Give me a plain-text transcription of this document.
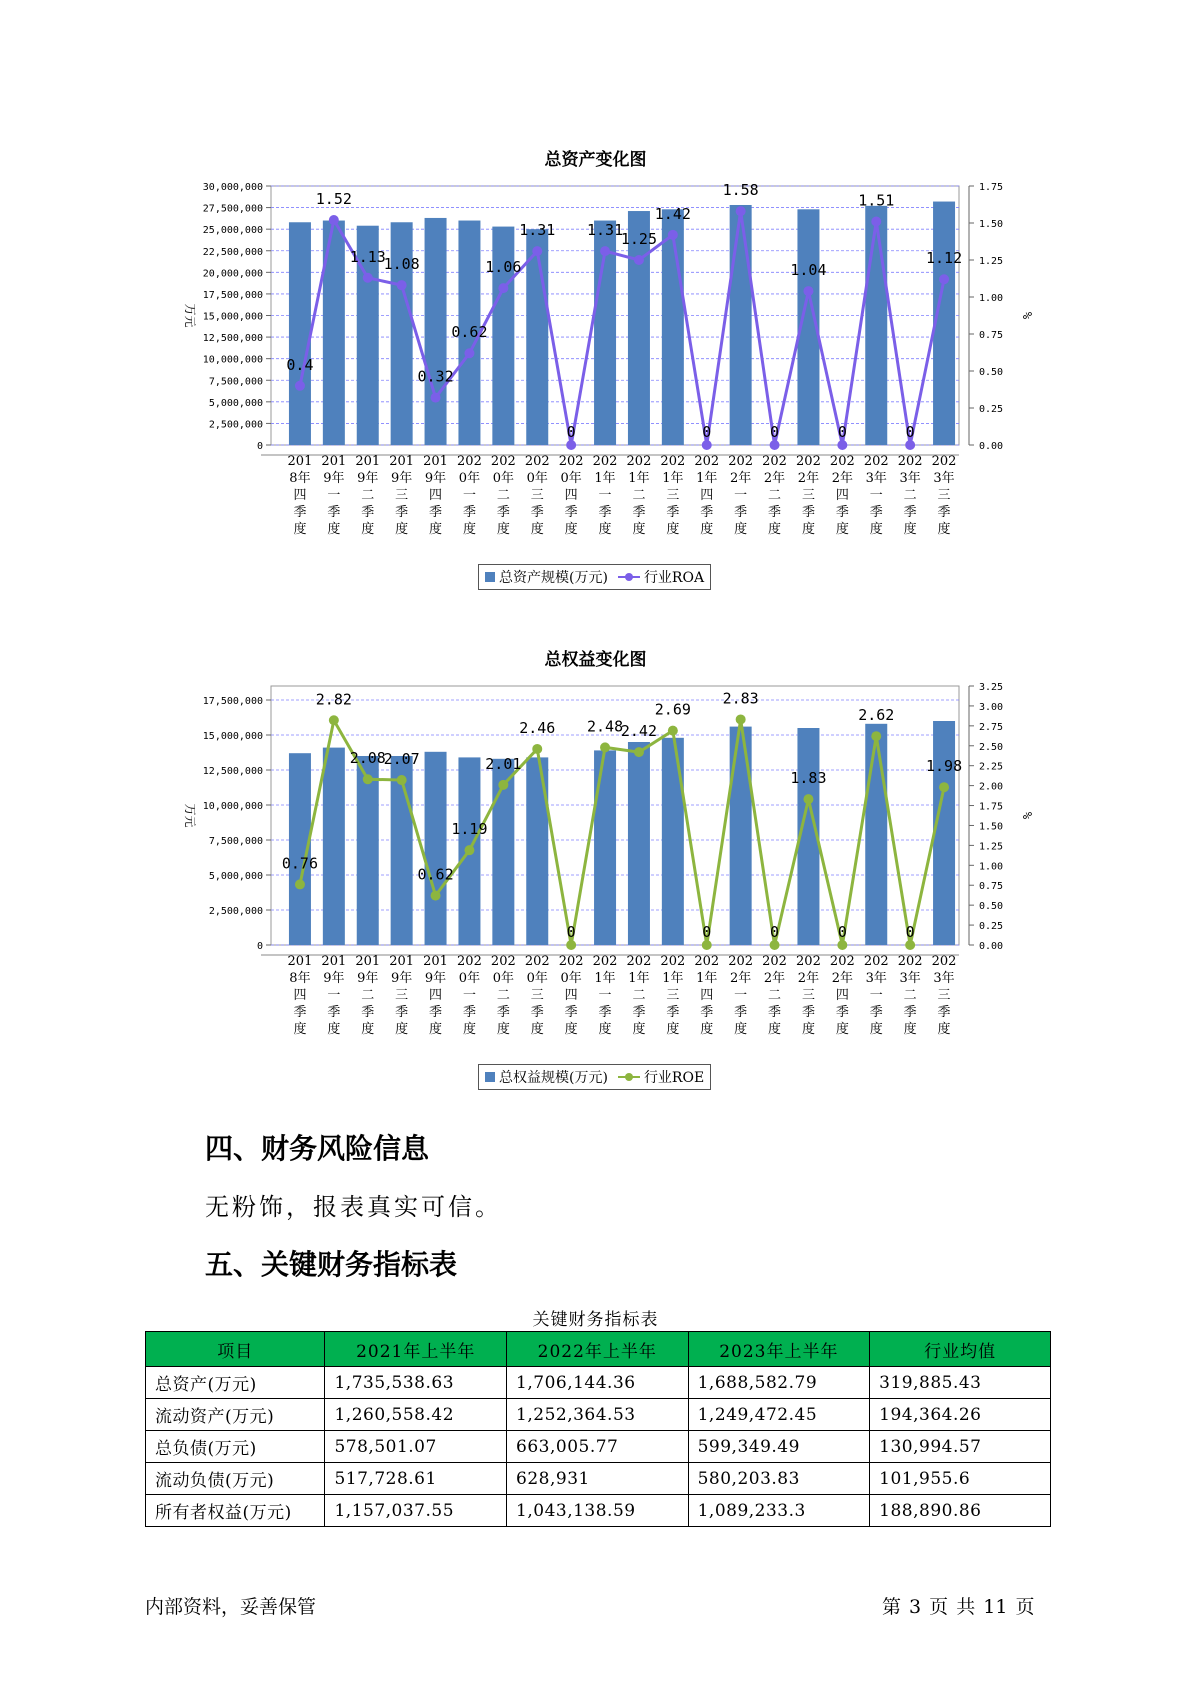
总资产变化图
0
2,500,000
5,000,000
7,500,000
10,000,000
12,500,000
15,000,000
17,500,000
20,000,000
22,500,000
25,000,000
27,500,000
30,000,000
0.00
0.25
0.50
0.75
1.00
1.25
1.50
1.75
万元	%
201
8年
四
季
度
201
9年
一
季
度
201
9年
二
季
度
201
9年
三
季
度
201
9年
四
季
度
202
0年
一
季
度
202
0年
二
季
度
202
0年
三
季
度
202
0年
四
季
度
202
1年
一
季
度
202
1年
二
季
度
202
1年
三
季
度
202
1年
四
季
度
202
2年
一
季
度
202
2年
二
季
度
202
2年
三
季
度
202
2年
四
季
度
202
3年
一
季
度
202
3年
二
季
度
202
3年
三
季
度
0.4
1.52
1.13
1.08
0.32
0.62
1.06
1.31
0
1.31
1.25
1.42
0
1.58
0
1.04
0
1.51
0
1.12
总资产规模(万元)	行业ROA
总权益变化图
0
2,500,000
5,000,000
7,500,000
10,000,000
12,500,000
15,000,000
17,500,000
0.00
0.25
0.50
0.75
1.00
1.25
1.50
1.75
2.00
2.25
2.50
2.75
3.00
3.25
万元	%
201
8年
四
季
度
201
9年
一
季
度
201
9年
二
季
度
201
9年
三
季
度
201
9年
四
季
度
202
0年
一
季
度
202
0年
二
季
度
202
0年
三
季
度
202
0年
四
季
度
202
1年
一
季
度
202
1年
二
季
度
202
1年
三
季
度
202
1年
四
季
度
202
2年
一
季
度
202
2年
二
季
度
202
2年
三
季
度
202
2年
四
季
度
202
3年
一
季
度
202
3年
二
季
度
202
3年
三
季
度
0.76
2.82
2.08
2.07
0.62
1.19
2.01
2.46
0
2.48
2.42
2.69
0
2.83
0
1.83
0
2.62
0
1.98
总权益规模(万元)	行业ROE
四、财务风险信息

无粉饰，报表真实可信。

五、关键财务指标表
关键财务指标表
项目	2021年上半年	2022年上半年	2023年上半年	行业均值
总资产(万元)	1,735,538.63	1,706,144.36	1,688,582.79	319,885.43
流动资产(万元)	1,260,558.42	1,252,364.53	1,249,472.45	194,364.26
总负债(万元)	578,501.07	663,005.77	599,349.49	130,994.57
流动负债(万元)	517,728.61	628,931	580,203.83	101,955.6
所有者权益(万元)	1,157,037.55	1,043,138.59	1,089,233.3	188,890.86
内部资料，妥善保管	第 3 页 共 11 页
